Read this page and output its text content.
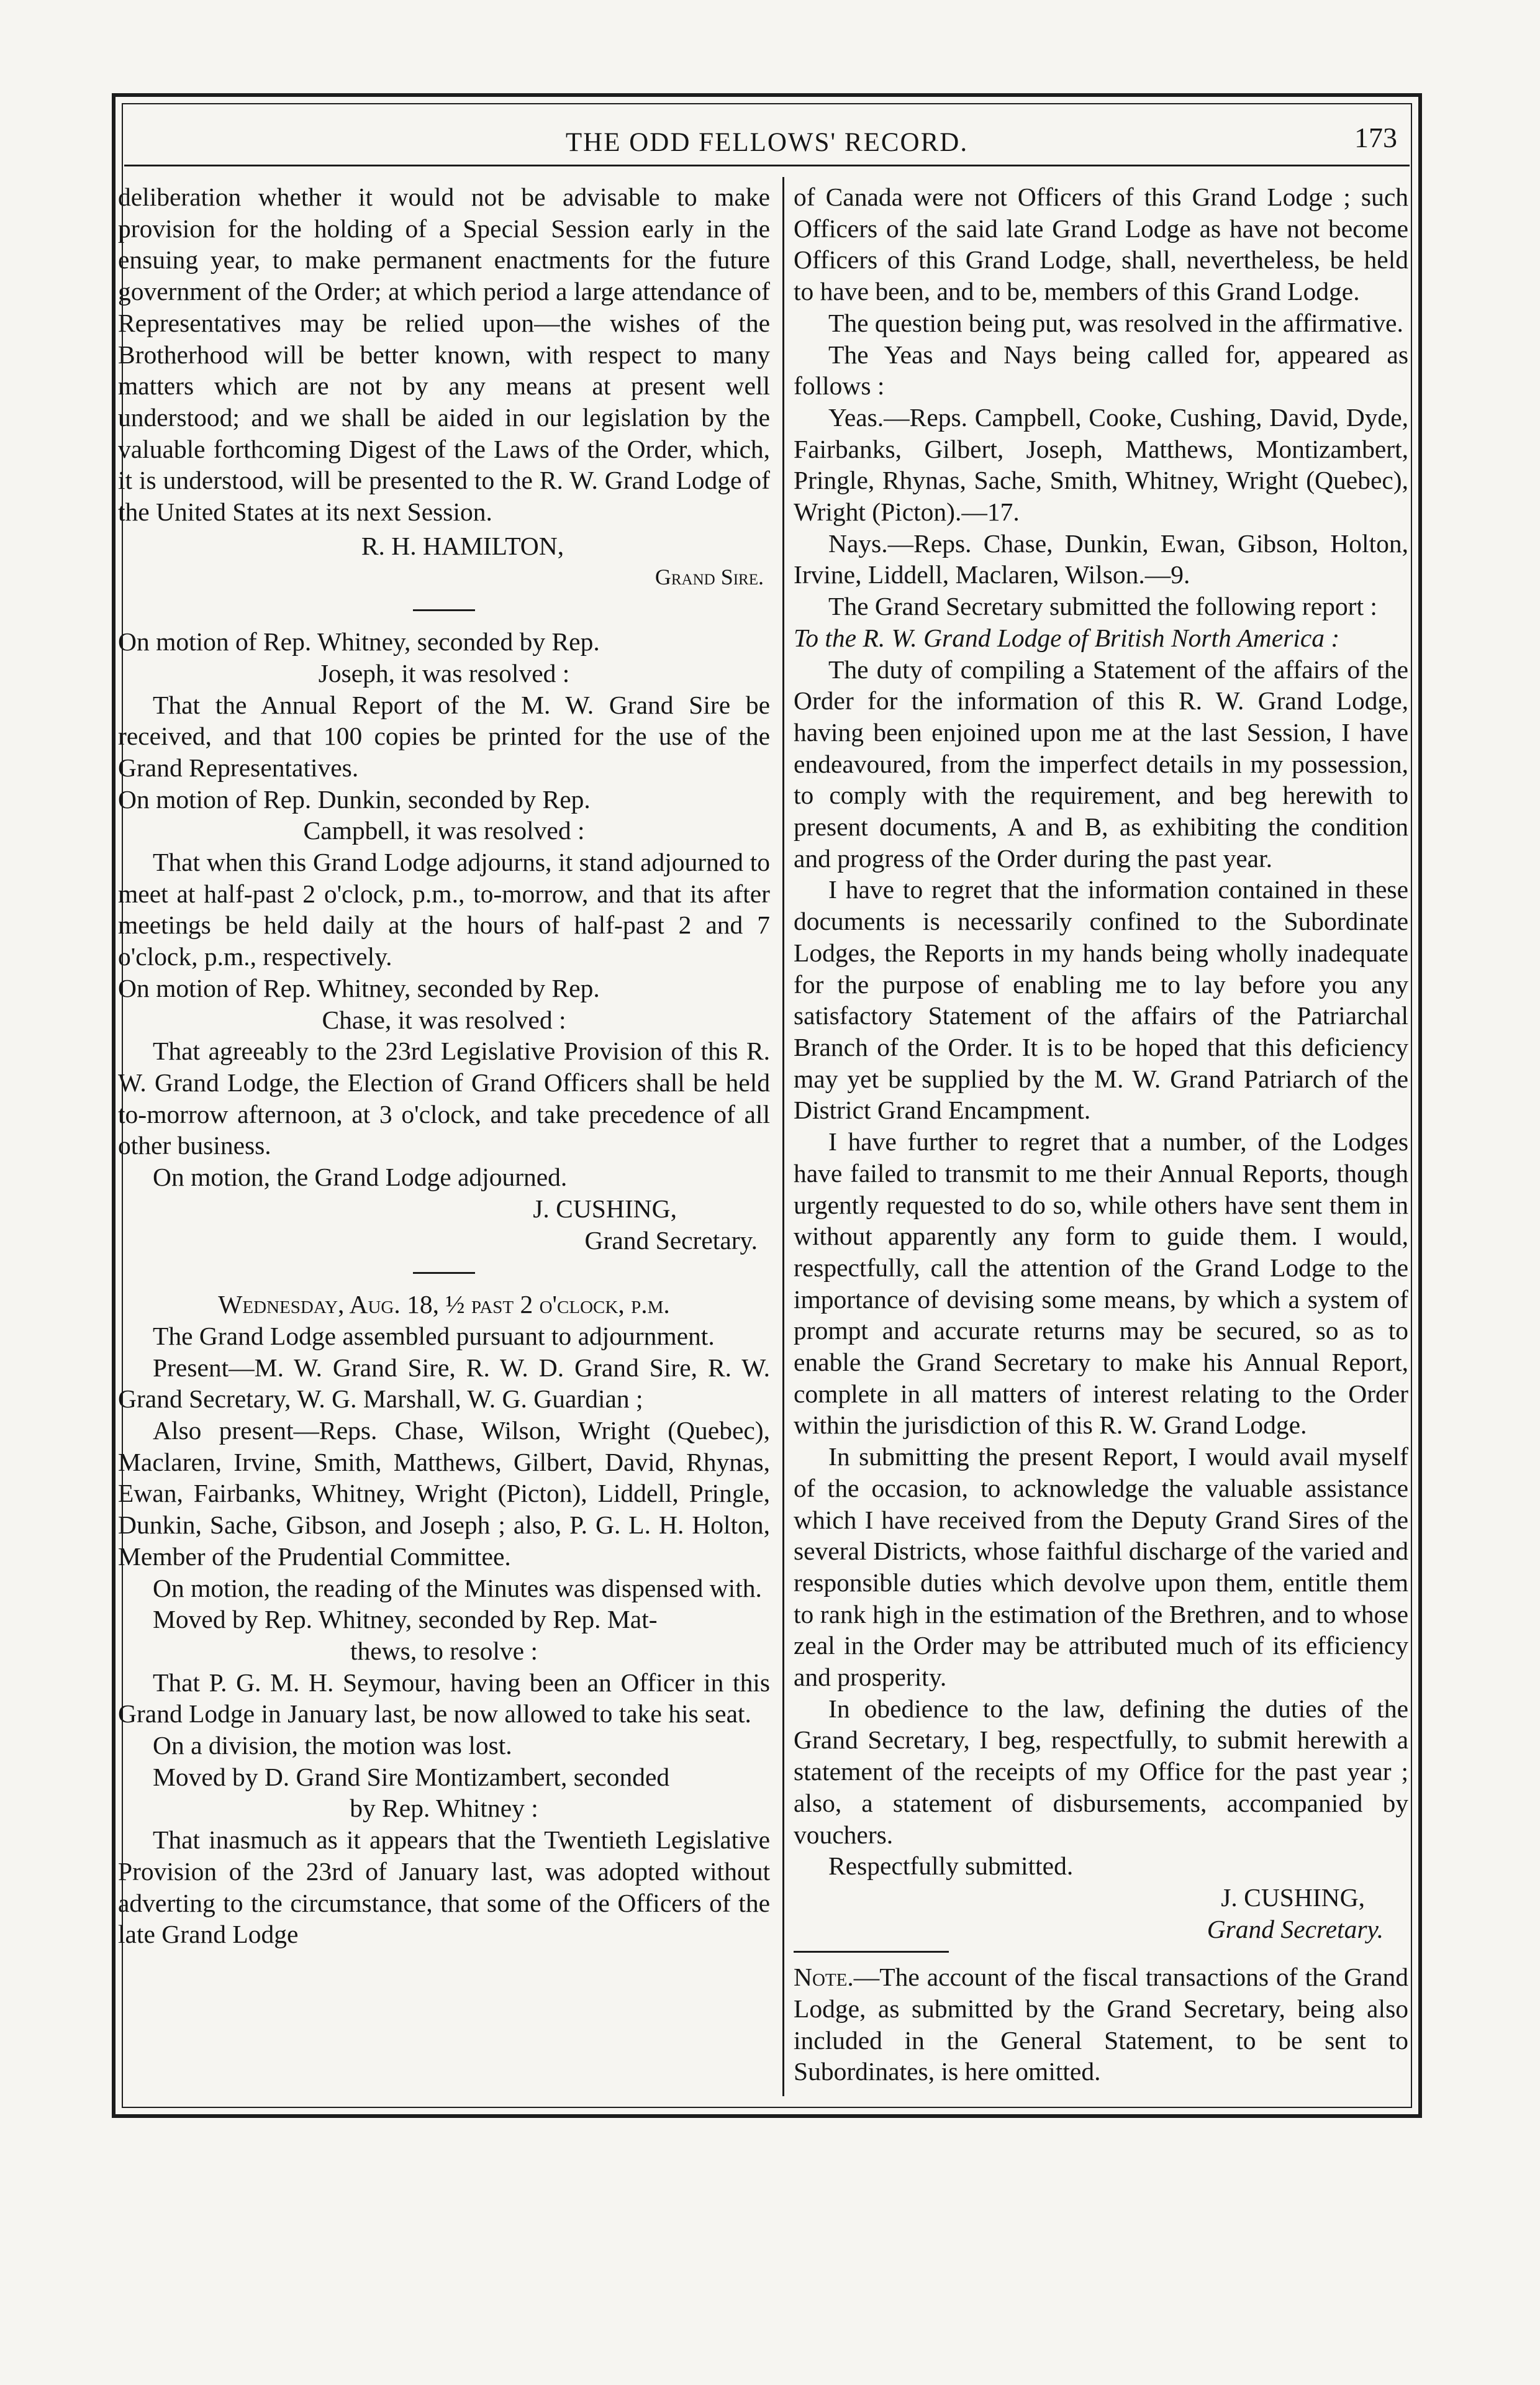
THE ODD FELLOWS' RECORD.	173

deliberation whether it would not be advisable to make provision for the holding of a Special Session early in the ensuing year, to make permanent enactments for the future government of the Order; at which period a large attendance of Representatives may be relied upon—the wishes of the Brotherhood will be better known, with respect to many matters which are not by any means at present well understood; and we shall be aided in our legislation by the valuable forthcoming Digest of the Laws of the Order, which, it is understood, will be presented to the R. W. Grand Lodge of the United States at its next Session.

R. H. HAMILTON,

Grand Sire.

On motion of Rep. Whitney, seconded by Rep.

Joseph, it was resolved :

That the Annual Report of the M. W. Grand Sire be received, and that 100 copies be printed for the use of the Grand Representatives.

On motion of Rep. Dunkin, seconded by Rep.

Campbell, it was resolved :

That when this Grand Lodge adjourns, it stand adjourned to meet at half-past 2 o'clock, p.m., to-morrow, and that its after meetings be held daily at the hours of half-past 2 and 7 o'clock, p.m., respectively.

On motion of Rep. Whitney, seconded by Rep.

Chase, it was resolved :

That agreeably to the 23rd Legislative Provision of this R. W. Grand Lodge, the Election of Grand Officers shall be held to-morrow afternoon, at 3 o'clock, and take precedence of all other business.

On motion, the Grand Lodge adjourned.

J. CUSHING,

Grand Secretary.

Wednesday, Aug. 18, ½ past 2 o'clock, p.m.

The Grand Lodge assembled pursuant to adjournment.

Present—M. W. Grand Sire, R. W. D. Grand Sire, R. W. Grand Secretary, W. G. Marshall, W. G. Guardian ;

Also present—Reps. Chase, Wilson, Wright (Quebec), Maclaren, Irvine, Smith, Matthews, Gilbert, David, Rhynas, Ewan, Fairbanks, Whitney, Wright (Picton), Liddell, Pringle, Dunkin, Sache, Gibson, and Joseph ; also, P. G. L. H. Holton, Member of the Prudential Committee.

On motion, the reading of the Minutes was dispensed with.

Moved by Rep. Whitney, seconded by Rep. Mat-

thews, to resolve :

That P. G. M. H. Seymour, having been an Officer in this Grand Lodge in January last, be now allowed to take his seat.

On a division, the motion was lost.

Moved by D. Grand Sire Montizambert, seconded

by Rep. Whitney :

That inasmuch as it appears that the Twentieth Legislative Provision of the 23rd of January last, was adopted without adverting to the circumstance, that some of the Officers of the late Grand Lodge

of Canada were not Officers of this Grand Lodge ; such Officers of the said late Grand Lodge as have not become Officers of this Grand Lodge, shall, nevertheless, be held to have been, and to be, members of this Grand Lodge.

The question being put, was resolved in the affirmative.

The Yeas and Nays being called for, appeared as follows :

Yeas.—Reps. Campbell, Cooke, Cushing, David, Dyde, Fairbanks, Gilbert, Joseph, Matthews, Montizambert, Pringle, Rhynas, Sache, Smith, Whitney, Wright (Quebec), Wright (Picton).—17.

Nays.—Reps. Chase, Dunkin, Ewan, Gibson, Holton, Irvine, Liddell, Maclaren, Wilson.—9.

The Grand Secretary submitted the following report :

To the R. W. Grand Lodge of British North America :

The duty of compiling a Statement of the affairs of the Order for the information of this R. W. Grand Lodge, having been enjoined upon me at the last Session, I have endeavoured, from the imperfect details in my possession, to comply with the requirement, and beg herewith to present documents, A and B, as exhibiting the condition and progress of the Order during the past year.

I have to regret that the information contained in these documents is necessarily confined to the Subordinate Lodges, the Reports in my hands being wholly inadequate for the purpose of enabling me to lay before you any satisfactory Statement of the affairs of the Patriarchal Branch of the Order. It is to be hoped that this deficiency may yet be supplied by the M. W. Grand Patriarch of the District Grand Encampment.

I have further to regret that a number, of the Lodges have failed to transmit to me their Annual Reports, though urgently requested to do so, while others have sent them in without apparently any form to guide them. I would, respectfully, call the attention of the Grand Lodge to the importance of devising some means, by which a system of prompt and accurate returns may be secured, so as to enable the Grand Secretary to make his Annual Report, complete in all matters of interest relating to the Order within the jurisdiction of this R. W. Grand Lodge.

In submitting the present Report, I would avail myself of the occasion, to acknowledge the valuable assistance which I have received from the Deputy Grand Sires of the several Districts, whose faithful discharge of the varied and responsible duties which devolve upon them, entitle them to rank high in the estimation of the Brethren, and to whose zeal in the Order may be attributed much of its efficiency and prosperity.

In obedience to the law, defining the duties of the Grand Secretary, I beg, respectfully, to submit herewith a statement of the receipts of my Office for the past year ; also, a statement of disbursements, accompanied by vouchers.

Respectfully submitted.

J. CUSHING,

Grand Secretary.

Note.—The account of the fiscal transactions of the Grand Lodge, as submitted by the Grand Secretary, being also included in the General Statement, to be sent to Subordinates, is here omitted.
